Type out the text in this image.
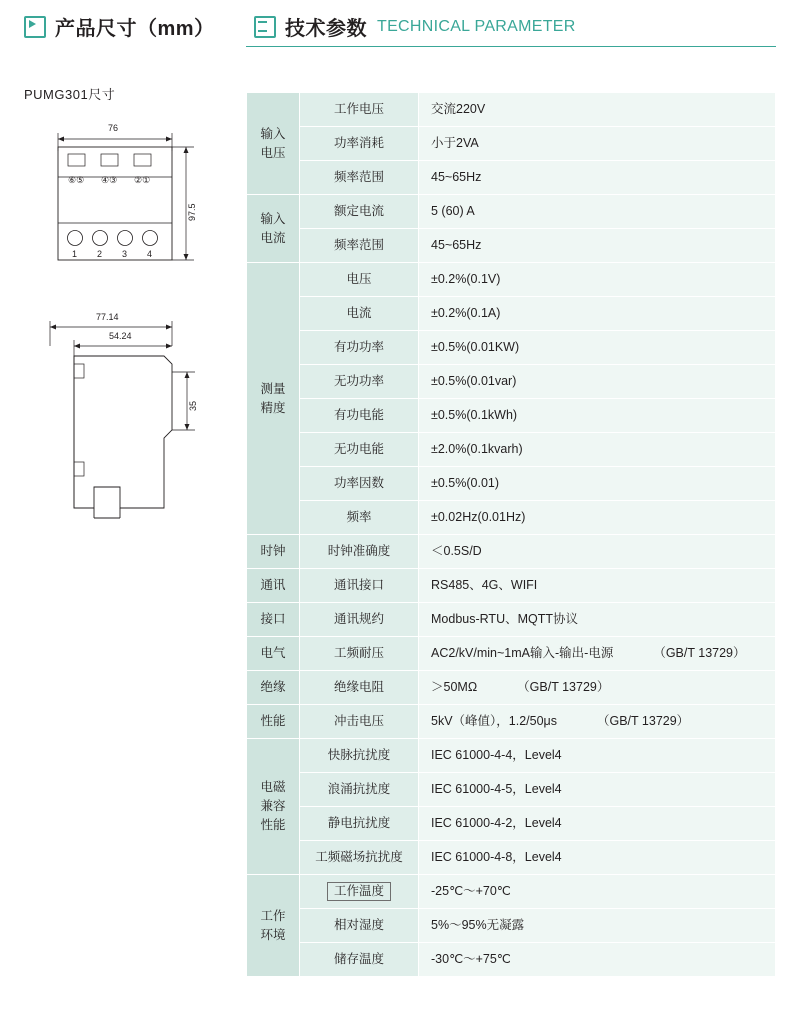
产品尺寸（mm）	技术参数 TECHNICAL PARAMETER
PUMG301尺寸
76
97.5
⑥⑤ ④③ ②①
1 2 3 4
77.14
54.24
35
输入
电压	工作电压	交流220V
	功率消耗	小于2VA
	频率范围	45~65Hz
输入
电流	额定电流	5 (60) A
	频率范围	45~65Hz
测量
精度	电压	±0.2%(0.1V)
	电流	±0.2%(0.1A)
	有功功率	±0.5%(0.01KW)
	无功功率	±0.5%(0.01var)
	有功电能	±0.5%(0.1kWh)
	无功电能	±2.0%(0.1kvarh)
	功率因数	±0.5%(0.01)
	频率	±0.02Hz(0.01Hz)
时钟	时钟准确度	＜0.5S/D
通讯	通讯接口	RS485、4G、WIFI
接口	通讯规约	Modbus-RTU、MQTT协议
电气	工频耐压	AC2/kV/min~1mA输入-输出-电源 （GB/T 13729）
绝缘	绝缘电阻	＞50MΩ （GB/T 13729）
性能	冲击电压	5kV（峰值），1.2/50μs （GB/T 13729）
电磁
兼容
性能	快脉抗扰度	IEC 61000-4-4，Level4
	浪涌抗扰度	IEC 61000-4-5，Level4
	静电抗扰度	IEC 61000-4-2，Level4
	工频磁场抗扰度	IEC 61000-4-8，Level4
工作
环境	工作温度	-25℃～+70℃
	相对湿度	5%～95%无凝露
	储存温度	-30℃～+75℃
